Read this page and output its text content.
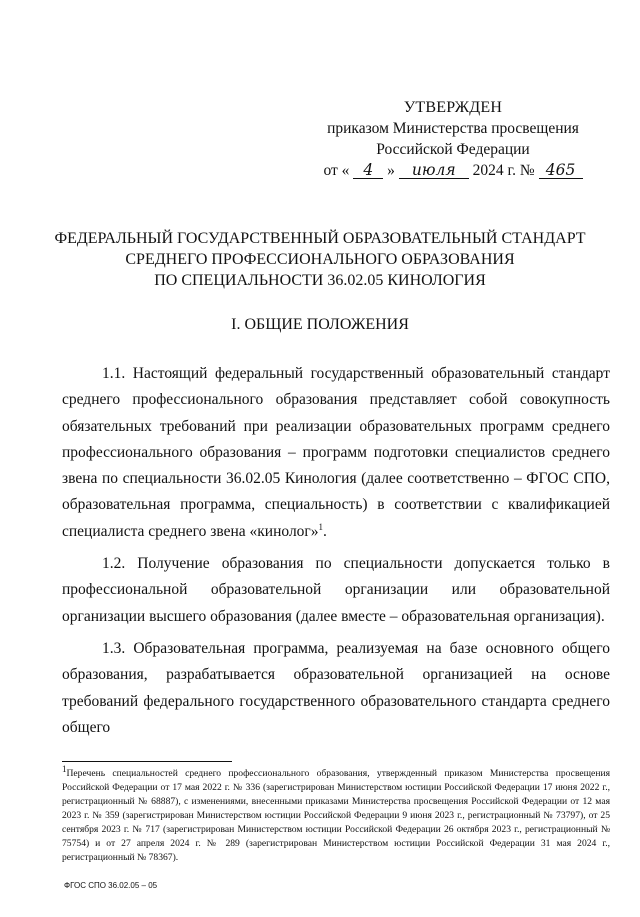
УТВЕРЖДЕН
приказом Министерства просвещения
Российской Федерации
от « 4 » июля 2024 г. № 465
ФЕДЕРАЛЬНЫЙ ГОСУДАРСТВЕННЫЙ ОБРАЗОВАТЕЛЬНЫЙ СТАНДАРТ
СРЕДНЕГО ПРОФЕССИОНАЛЬНОГО ОБРАЗОВАНИЯ
ПО СПЕЦИАЛЬНОСТИ 36.02.05 КИНОЛОГИЯ
I. ОБЩИЕ ПОЛОЖЕНИЯ

1.1. Настоящий федеральный государственный образовательный стандарт среднего профессионального образования представляет собой совокупность обязательных требований при реализации образовательных программ среднего профессионального образования – программ подготовки специалистов среднего звена по специальности 36.02.05 Кинология (далее соответственно – ФГОС СПО, образовательная программа, специальность) в соответствии с квалификацией специалиста среднего звена «кинолог»$^1$.

1.2. Получение образования по специальности допускается только в профессиональной образовательной организации или образовательной организации высшего образования (далее вместе – образовательная организация).

1.3. Образовательная программа, реализуемая на базе основного общего образования, разрабатывается образовательной организацией на основе требований федерального государственного образовательного стандарта среднего общего

$^1$Перечень специальностей среднего профессионального образования, утвержденный приказом Министерства просвещения Российской Федерации от 17 мая 2022 г. № 336 (зарегистрирован Министерством юстиции Российской Федерации 17 июня 2022 г., регистрационный № 68887), с изменениями, внесенными приказами Министерства просвещения Российской Федерации от 12 мая 2023 г. № 359 (зарегистрирован Министерством юстиции Российской Федерации 9 июня 2023 г., регистрационный № 73797), от 25 сентября 2023 г. № 717 (зарегистрирован Министерством юстиции Российской Федерации 26 октября 2023 г., регистрационный № 75754) и от 27 апреля 2024 г. № 289 (зарегистрирован Министерством юстиции Российской Федерации 31 мая 2024 г., регистрационный № 78367).
ФГОС СПО 36.02.05 – 05
